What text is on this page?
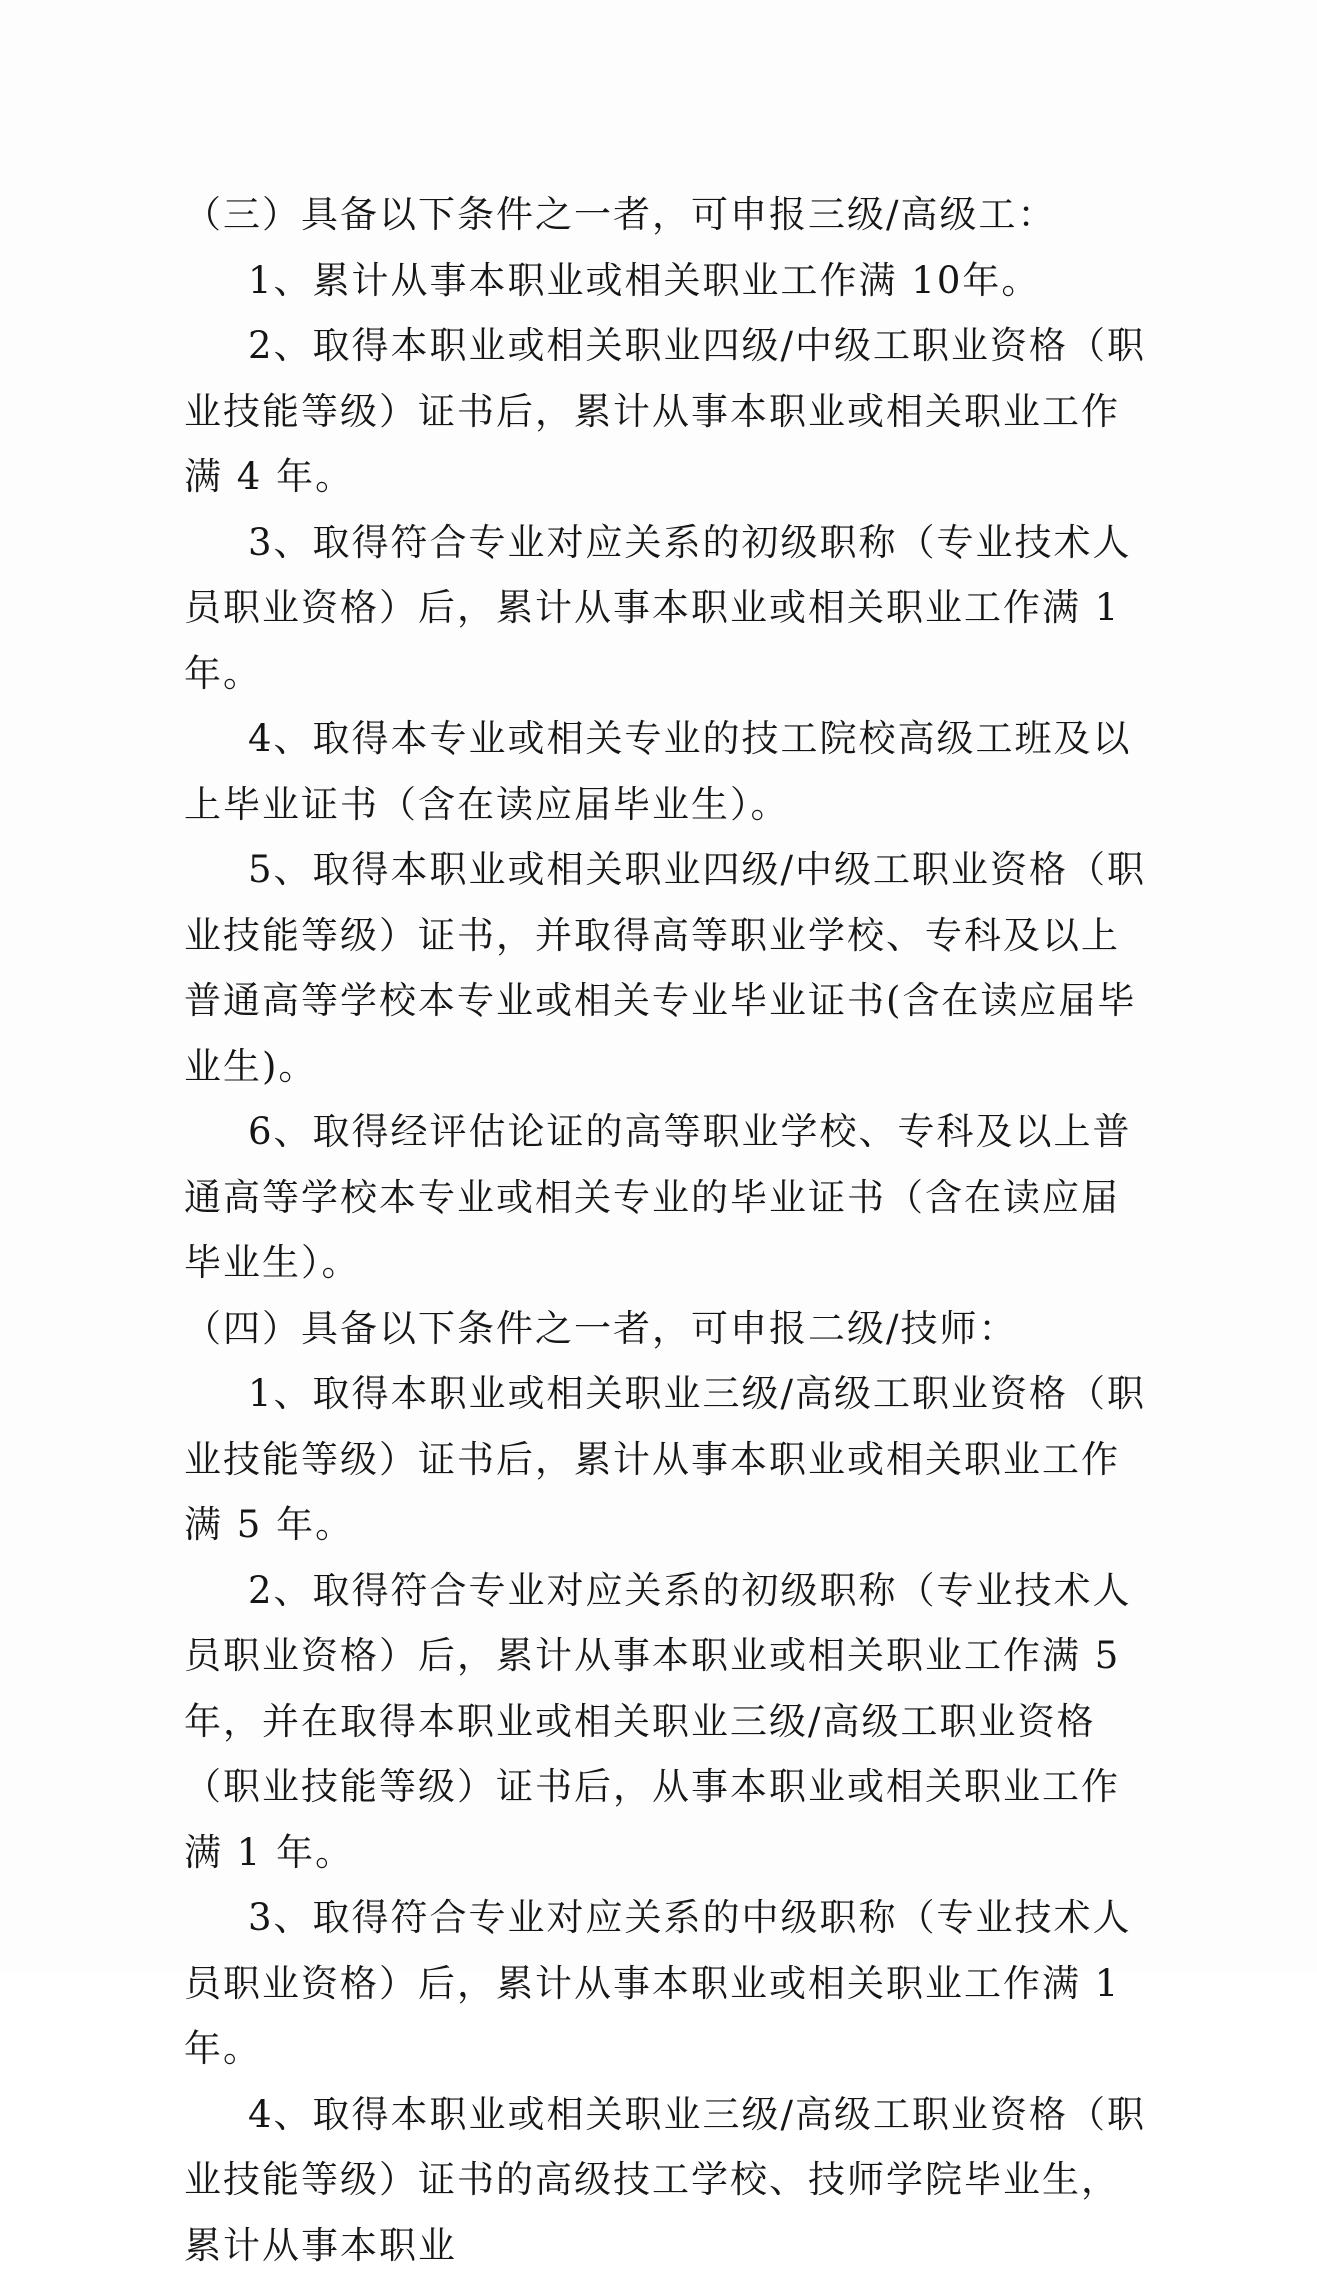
（三）具备以下条件之一者，可申报三级/高级工：

1、累计从事本职业或相关职业工作满 10年。

2、取得本职业或相关职业四级/中级工职业资格（职业技能等级）证书后，累计从事本职业或相关职业工作满 4 年。

3、取得符合专业对应关系的初级职称（专业技术人员职业资格）后，累计从事本职业或相关职业工作满 1 年。

4、取得本专业或相关专业的技工院校高级工班及以上毕业证书（含在读应届毕业生）。

5、取得本职业或相关职业四级/中级工职业资格（职业技能等级）证书，并取得高等职业学校、专科及以上普通高等学校本专业或相关专业毕业证书(含在读应届毕业生)。

6、取得经评估论证的高等职业学校、专科及以上普通高等学校本专业或相关专业的毕业证书（含在读应届毕业生）。

（四）具备以下条件之一者，可申报二级/技师：

1、取得本职业或相关职业三级/高级工职业资格（职业技能等级）证书后，累计从事本职业或相关职业工作满 5 年。

2、取得符合专业对应关系的初级职称（专业技术人员职业资格）后，累计从事本职业或相关职业工作满 5 年，并在取得本职业或相关职业三级/高级工职业资格（职业技能等级）证书后，从事本职业或相关职业工作满 1 年。

3、取得符合专业对应关系的中级职称（专业技术人员职业资格）后，累计从事本职业或相关职业工作满 1 年。

4、取得本职业或相关职业三级/高级工职业资格（职业技能等级）证书的高级技工学校、技师学院毕业生，累计从事本职业
